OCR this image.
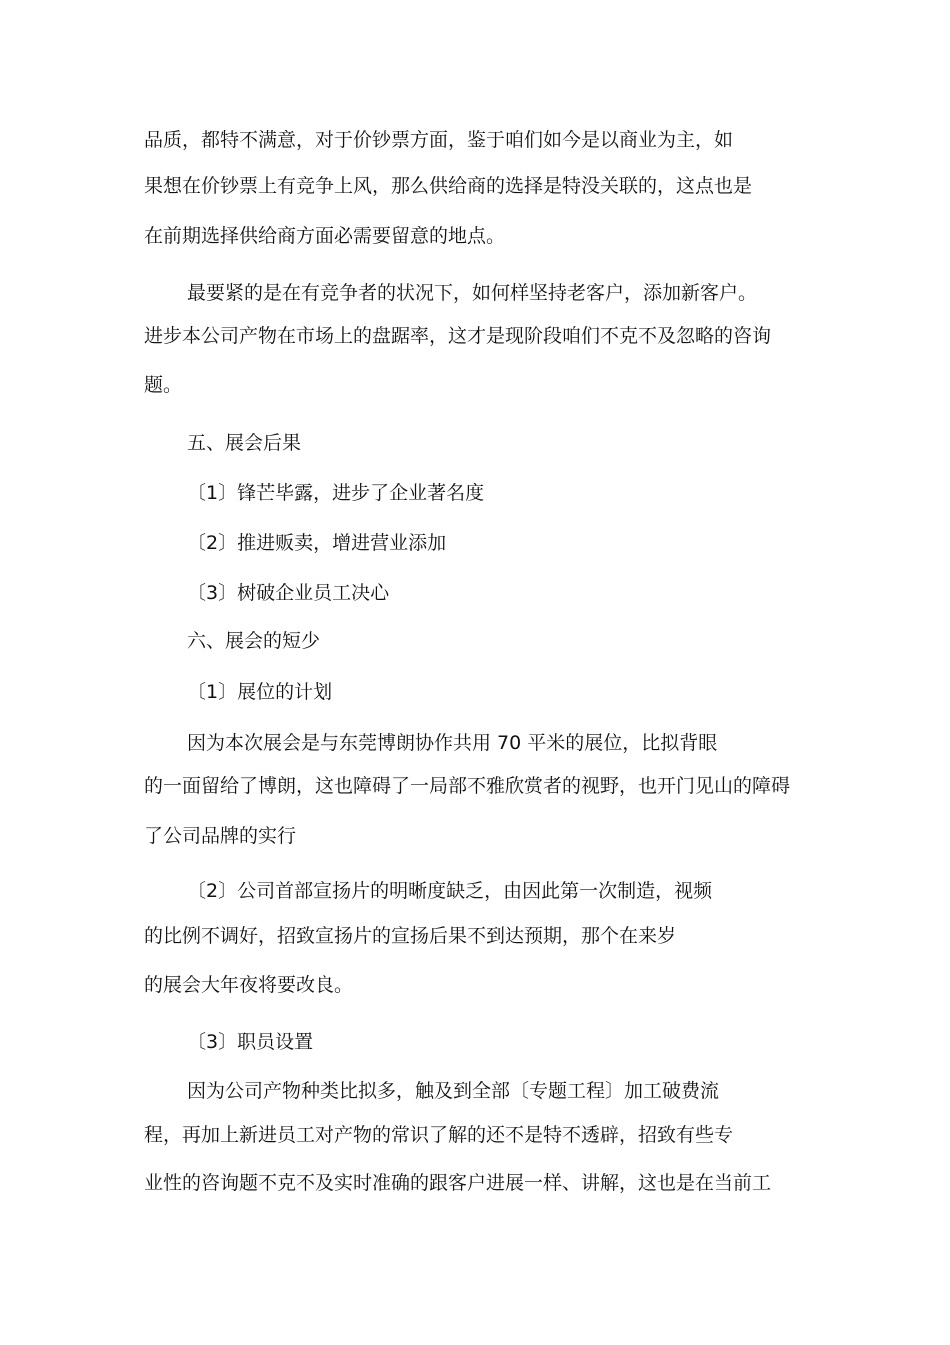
品质，都特不满意，对于价钞票方面，鉴于咱们如今是以商业为主，如
果想在价钞票上有竞争上风，那么供给商的选择是特没关联的，这点也是
在前期选择供给商方面必需要留意的地点。
最要紧的是在有竞争者的状况下，如何样坚持老客户，添加新客户。
进步本公司产物在市场上的盘踞率，这才是现阶段咱们不克不及忽略的咨询
题。
五、展会后果
〔1〕锋芒毕露，进步了企业著名度
〔2〕推进贩卖，增进营业添加
〔3〕树破企业员工决心
六、展会的短少
〔1〕展位的计划
因为本次展会是与东莞博朗协作共用 70 平米的展位，比拟背眼
的一面留给了博朗，这也障碍了一局部不雅欣赏者的视野，也开门见山的障碍
了公司品牌的实行
〔2〕公司首部宣扬片的明晰度缺乏，由因此第一次制造，视频
的比例不调好，招致宣扬片的宣扬后果不到达预期，那个在来岁
的展会大年夜将要改良。
〔3〕职员设置
因为公司产物种类比拟多，触及到全部〔专题工程〕加工破费流
程，再加上新进员工对产物的常识了解的还不是特不透辟，招致有些专
业性的咨询题不克不及实时准确的跟客户进展一样、讲解，这也是在当前工
